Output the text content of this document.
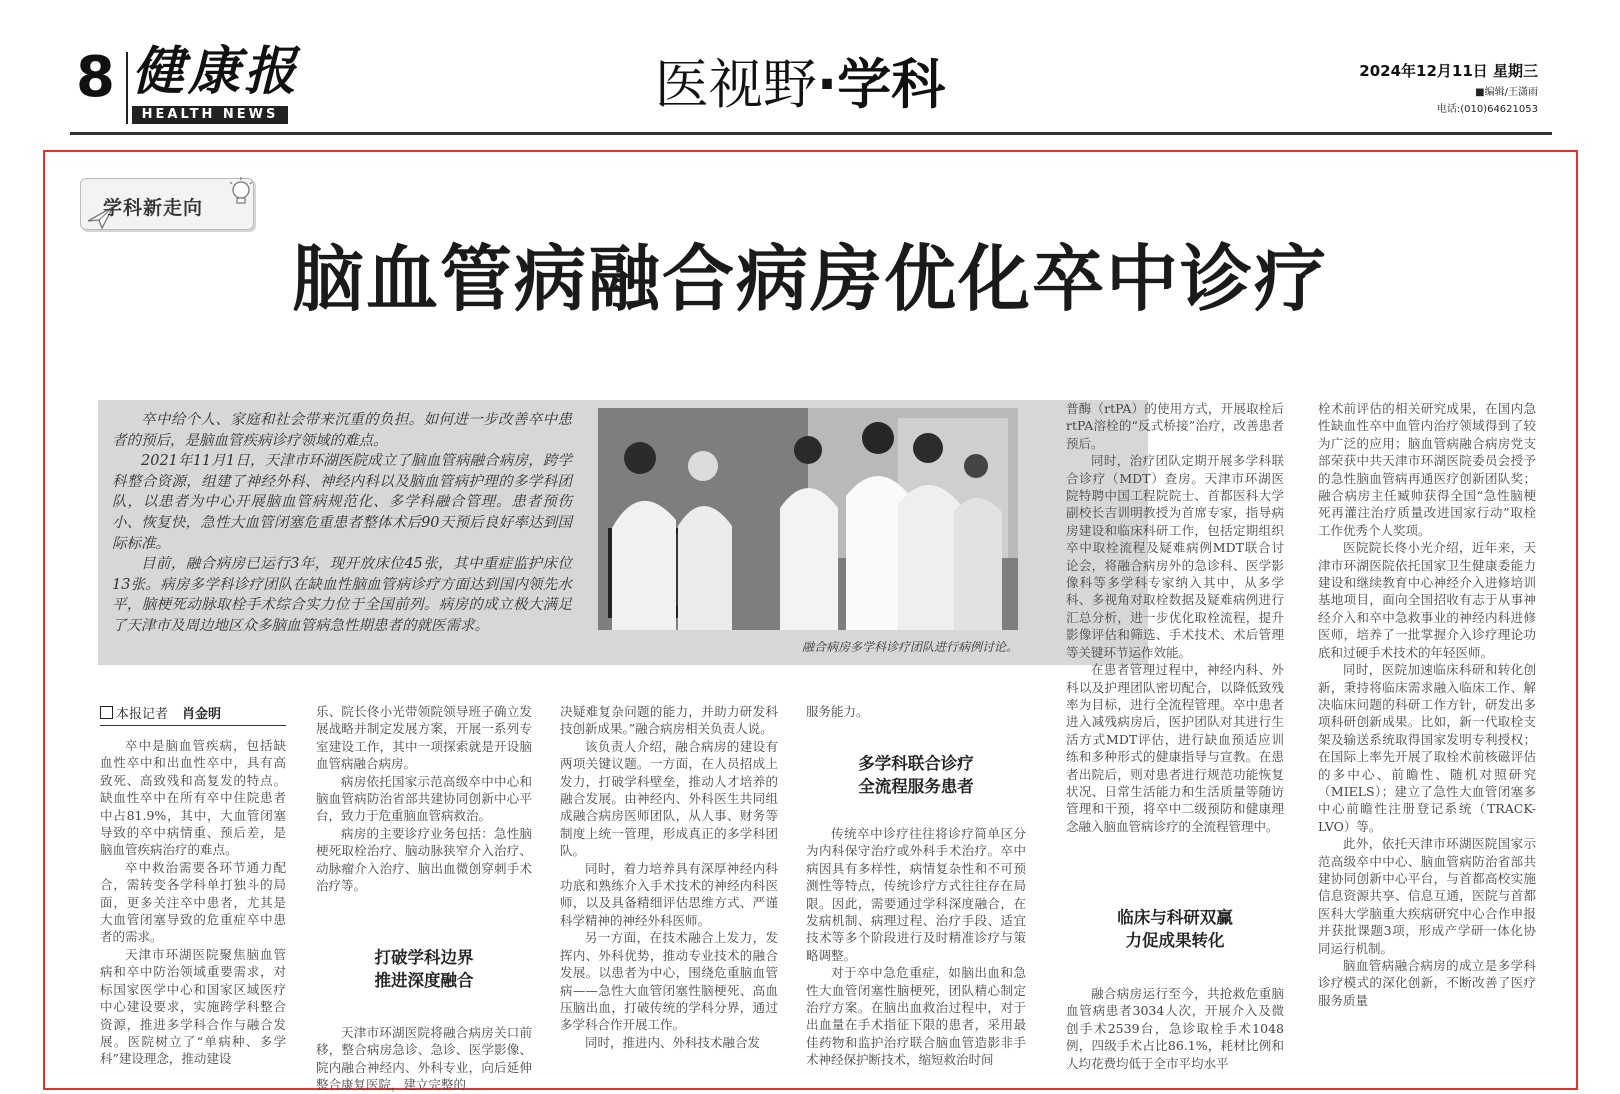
8 健康报
HEALTH NEWS	医视野·学科	2024年12月11日 星期三
■编辑/王潇雨
电话:(010)64621053
学科新走向
脑血管病融合病房优化卒中诊疗

卒中给个人、家庭和社会带来沉重的负担。如何进一步改善卒中患者的预后，是脑血管疾病诊疗领域的难点。

2021年11月1日，天津市环湖医院成立了脑血管病融合病房，跨学科整合资源，组建了神经外科、神经内科以及脑血管病护理的多学科团队，以患者为中心开展脑血管病规范化、多学科融合管理。患者预伤小、恢复快，急性大血管闭塞危重患者整体术后90天预后良好率达到国际标准。

目前，融合病房已运行3年，现开放床位45张，其中重症监护床位13张。病房多学科诊疗团队在缺血性脑血管病诊疗方面达到国内领先水平，脑梗死动脉取栓手术综合实力位于全国前列。病房的成立极大满足了天津市及周边地区众多脑血管病急性期患者的就医需求。

融合病房多学科诊疗团队进行病例讨论。
本报记者 肖金明

卒中是脑血管疾病，包括缺血性卒中和出血性卒中，具有高致死、高致残和高复发的特点。缺血性卒中在所有卒中住院患者中占81.9%，其中，大血管闭塞导致的卒中病情重、预后差，是脑血管疾病治疗的难点。

卒中救治需要各环节通力配合，需转变各学科单打独斗的局面，更多关注卒中患者，尤其是大血管闭塞导致的危重症卒中患者的需求。

天津市环湖医院聚焦脑血管病和卒中防治领域重要需求，对标国家医学中心和国家区域医疗中心建设要求，实施跨学科整合资源，推进多学科合作与融合发展。医院树立了“单病种、多学科”建设理念，推动建设

乐、院长佟小光带领院领导班子确立发展战略并制定发展方案，开展一系列专室建设工作，其中一项探索就是开设脑血管病融合病房。

病房依托国家示范高级卒中中心和脑血管病防治省部共建协同创新中心平台，致力于危重脑血管病救治。

病房的主要诊疗业务包括：急性脑梗死取栓治疗、脑动脉狭窄介入治疗、动脉瘤介入治疗、脑出血微创穿刺手术治疗等。

打破学科边界
推进深度融合

天津市环湖医院将融合病房关口前移，整合病房急诊、急诊、医学影像、院内融合神经内、外科专业，向后延伸整合康复医院，建立完整的

决疑难复杂问题的能力，并助力研发科技创新成果。”融合病房相关负责人说。

该负责人介绍，融合病房的建设有两项关键议题。一方面，在人员招成上发力，打破学科壁垒，推动人才培养的融合发展。由神经内、外科医生共同组成融合病房医师团队，从人事、财务等制度上统一管理，形成真正的多学科团队。

同时，着力培养具有深厚神经内科功底和熟练介入手术技术的神经内科医师，以及具备精细评估思维方式、严谨科学精神的神经外科医师。

另一方面，在技术融合上发力，发挥内、外科优势，推动专业技术的融合发展。以患者为中心，围绕危重脑血管病——急性大血管闭塞性脑梗死、高血压脑出血，打破传统的学科分界，通过多学科合作开展工作。

同时，推进内、外科技术融合发

服务能力。

多学科联合诊疗
全流程服务患者

传统卒中诊疗往往将诊疗简单区分为内科保守治疗或外科手术治疗。卒中病因具有多样性，病情复杂性和不可预测性等特点，传统诊疗方式往往存在局限。因此，需要通过学科深度融合，在发病机制、病理过程、治疗手段、适宜技术等多个阶段进行及时精准诊疗与策略调整。

对于卒中急危重症，如脑出血和急性大血管闭塞性脑梗死，团队精心制定治疗方案。在脑出血救治过程中，对于出血量在手术指征下限的患者，采用最佳药物和监护治疗联合脑血管造影非手术神经保护断技术，缩短救治时间

普酶（rtPA）的使用方式，开展取栓后rtPA溶栓的“反式桥接”治疗，改善患者预后。

同时，治疗团队定期开展多学科联合诊疗（MDT）查房。天津市环湖医院特聘中国工程院院士、首都医科大学副校长吉训明教授为首席专家，指导病房建设和临床科研工作，包括定期组织卒中取栓流程及疑难病例MDT联合讨论会，将融合病房外的急诊科、医学影像科等多学科专家纳入其中，从多学科、多视角对取栓数据及疑难病例进行汇总分析，进一步优化取栓流程，提升影像评估和筛选、手术技术、术后管理等关键环节运作效能。

在患者管理过程中，神经内科、外科以及护理团队密切配合，以降低致残率为目标，进行全流程管理。卒中患者进入减残病房后，医护团队对其进行生活方式MDT评估，进行缺血预适应训练和多种形式的健康指导与宣教。在患者出院后，则对患者进行规范功能恢复状况、日常生活能力和生活质量等随访管理和干预，将卒中二级预防和健康理念融入脑血管病诊疗的全流程管理中。

临床与科研双赢
力促成果转化

融合病房运行至今，共抢救危重脑血管病患者3034人次，开展介入及微创手术2539台，急诊取栓手术1048例，四级手术占比86.1%，耗材比例和人均花费均低于全市平均水平

栓术前评估的相关研究成果，在国内急性缺血性卒中血管内治疗领域得到了较为广泛的应用；脑血管病融合病房党支部荣获中共天津市环湖医院委员会授予的急性脑血管病再通医疗创新团队奖；融合病房主任臧帅获得全国“急性脑梗死再灌注治疗质量改进国家行动”取栓工作优秀个人奖项。

医院院长佟小光介绍，近年来，天津市环湖医院依托国家卫生健康委能力建设和继续教育中心神经介入进修培训基地项目，面向全国招收有志于从事神经介入和卒中急救事业的神经内科进修医师，培养了一批掌握介入诊疗理论功底和过硬手术技术的年轻医师。

同时，医院加速临床科研和转化创新，秉持将临床需求融入临床工作、解决临床问题的科研工作方针，研发出多项科研创新成果。比如，新一代取栓支架及输送系统取得国家发明专利授权；在国际上率先开展了取栓术前核磁评估的多中心、前瞻性、随机对照研究（MIELS）；建立了急性大血管闭塞多中心前瞻性注册登记系统（TRACK-LVO）等。

此外，依托天津市环湖医院国家示范高级卒中中心、脑血管病防治省部共建协同创新中心平台，与首都高校实施信息资源共享、信息互通，医院与首都医科大学脑重大疾病研究中心合作申报并获批课题3项，形成产学研一体化协同运行机制。

脑血管病融合病房的成立是多学科诊疗模式的深化创新，不断改善了医疗服务质量
